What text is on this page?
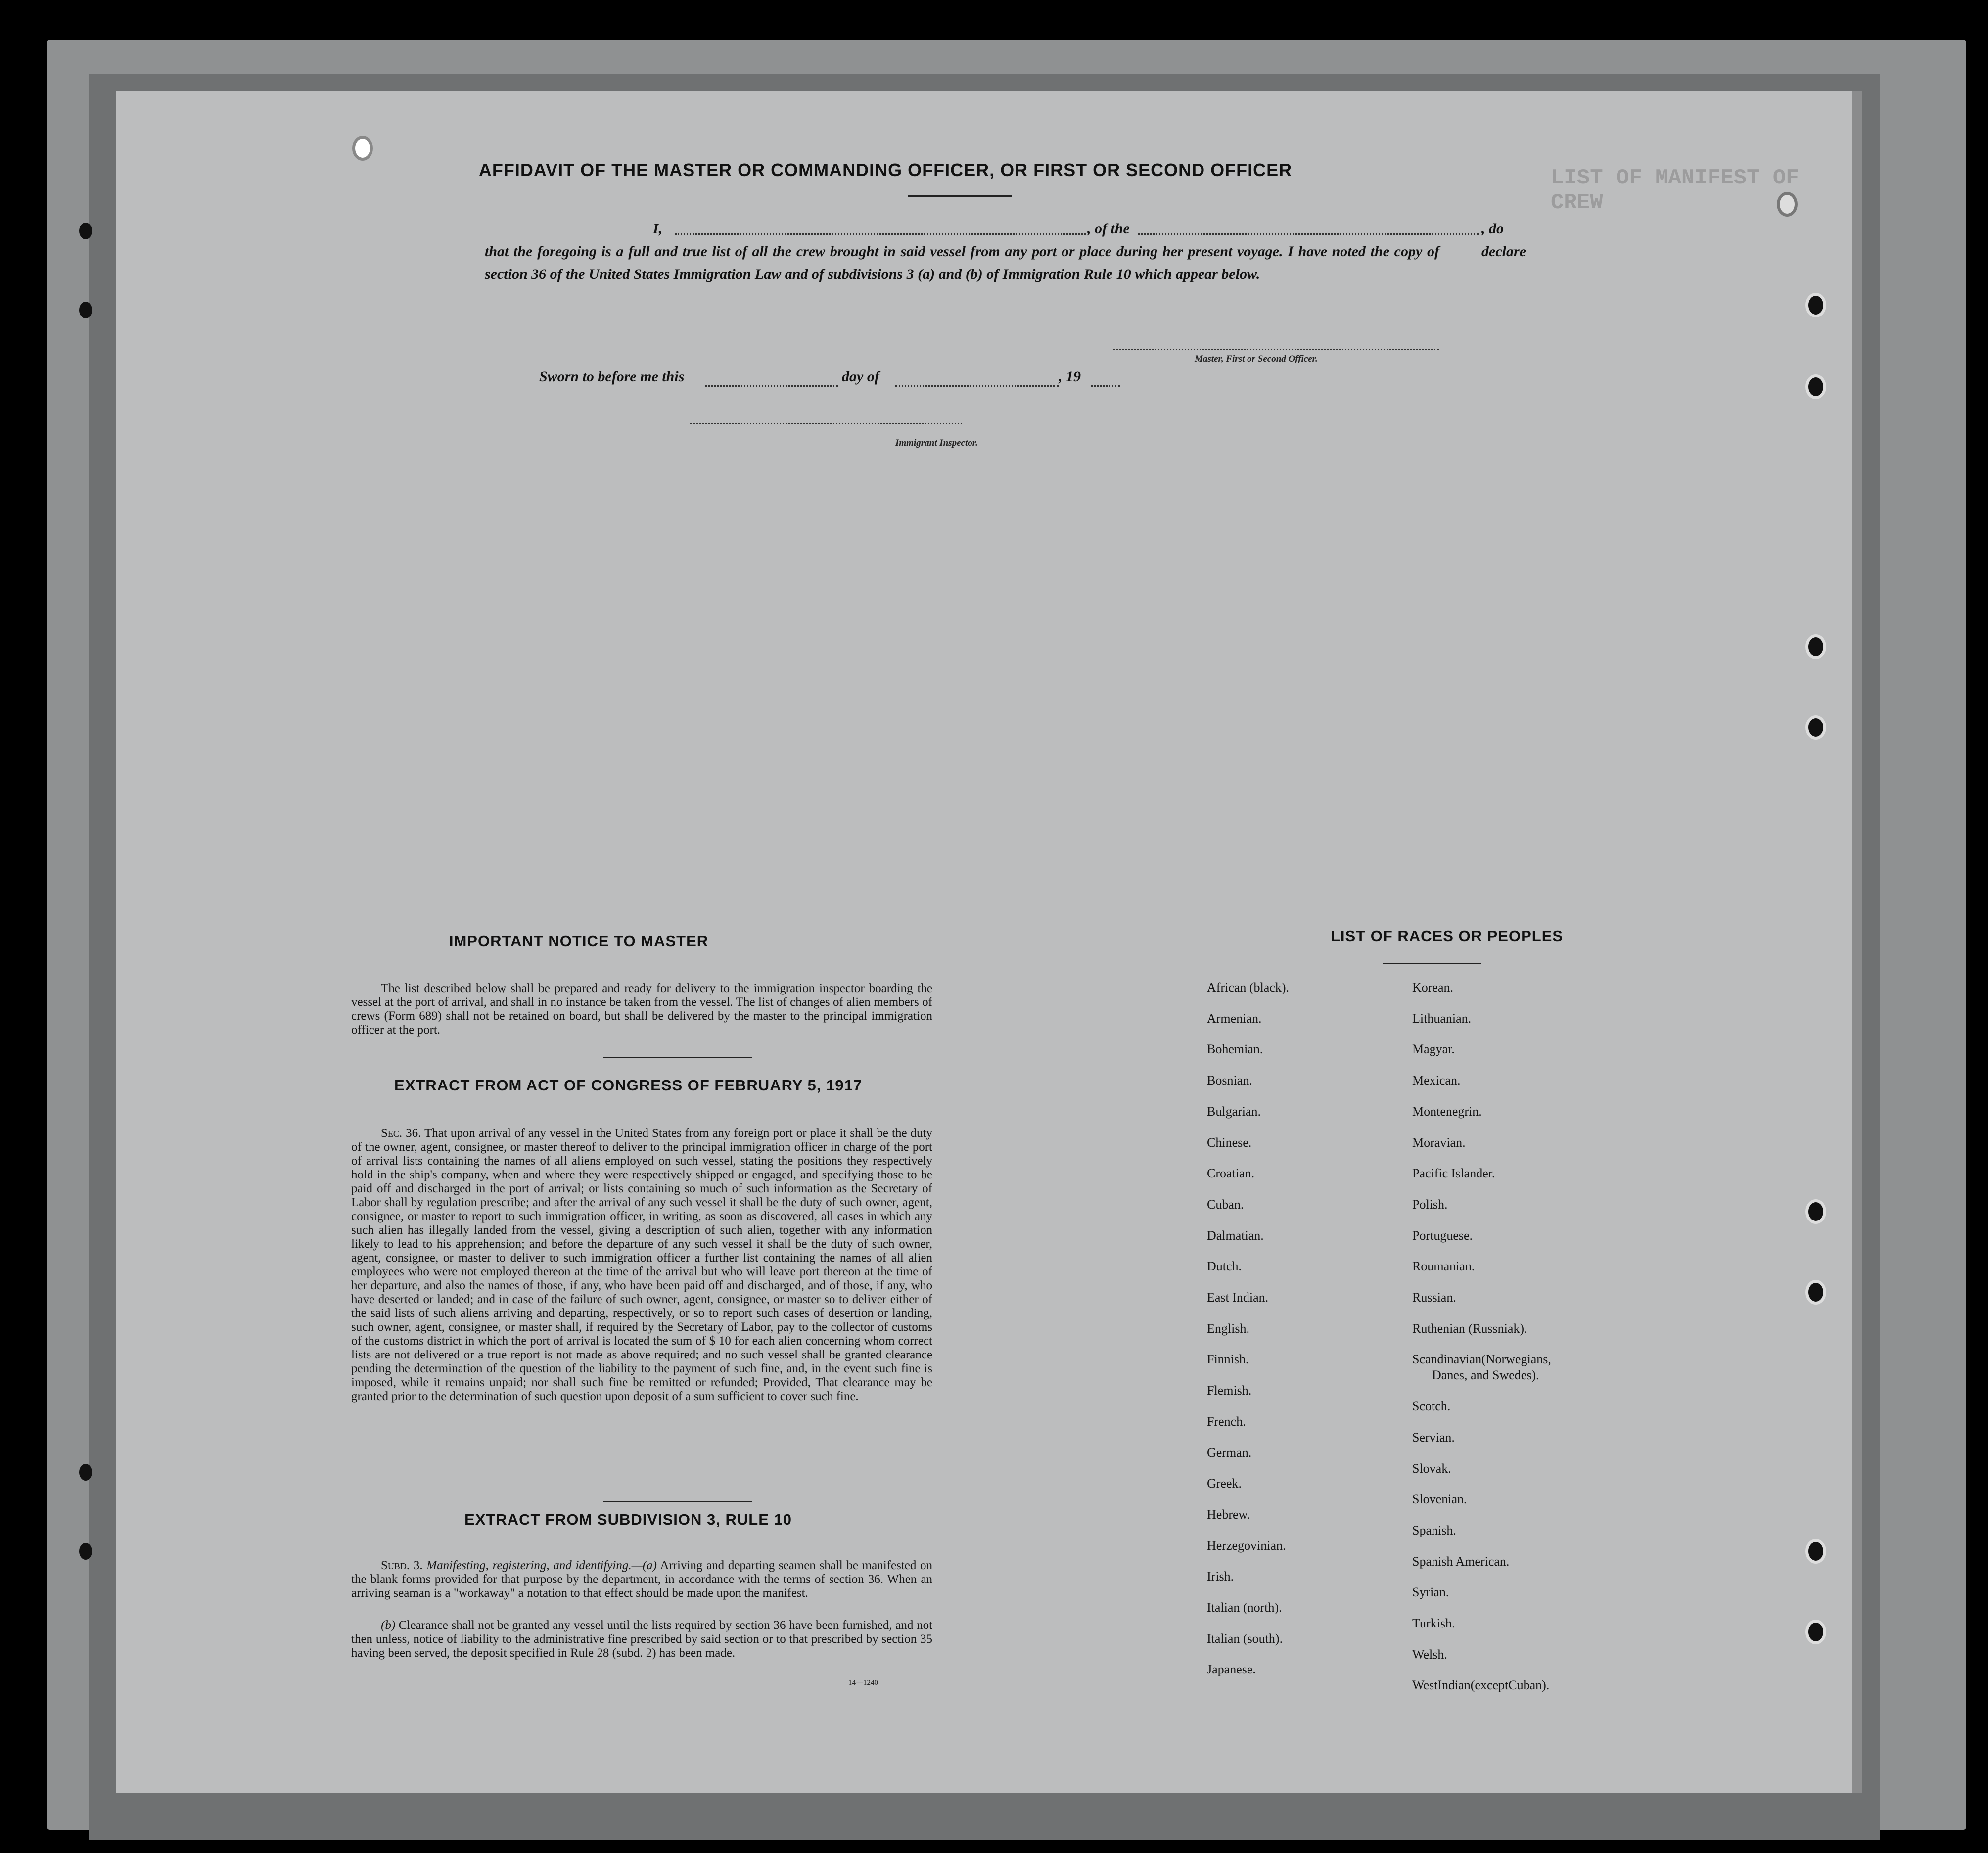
LIST OF MANIFEST OF CREW
AFFIDAVIT OF THE MASTER OR COMMANDING OFFICER, OR FIRST OR SECOND OFFICER
I,	, of the	, do declare
that the foregoing is a full and true list of all the crew brought in said vessel from any port or place during her present voyage. I have noted the copy of section 36 of the United States Immigration Law and of subdivisions 3 (a) and (b) of Immigration Rule 10 which appear below.
Master, First or Second Officer.
Sworn to before me this	day of	, 19
Immigrant Inspector.
IMPORTANT NOTICE TO MASTER
The list described below shall be prepared and ready for delivery to the immigration inspector boarding the vessel at the port of arrival, and shall in no instance be taken from the vessel. The list of changes of alien members of crews (Form 689) shall not be retained on board, but shall be delivered by the master to the principal immigration officer at the port.
EXTRACT FROM ACT OF CONGRESS OF FEBRUARY 5, 1917
Sec. 36. That upon arrival of any vessel in the United States from any foreign port or place it shall be the duty of the owner, agent, consignee, or master thereof to deliver to the principal immigration officer in charge of the port of arrival lists containing the names of all aliens employed on such vessel, stating the positions they respectively hold in the ship's company, when and where they were respectively shipped or engaged, and specifying those to be paid off and discharged in the port of arrival; or lists containing so much of such information as the Secretary of Labor shall by regulation prescribe; and after the arrival of any such vessel it shall be the duty of such owner, agent, consignee, or master to report to such immigration officer, in writing, as soon as discovered, all cases in which any such alien has illegally landed from the vessel, giving a description of such alien, together with any information likely to lead to his apprehension; and before the departure of any such vessel it shall be the duty of such owner, agent, consignee, or master to deliver to such immigration officer a further list containing the names of all alien employees who were not employed thereon at the time of the arrival but who will leave port thereon at the time of her departure, and also the names of those, if any, who have been paid off and discharged, and of those, if any, who have deserted or landed; and in case of the failure of such owner, agent, consignee, or master so to deliver either of the said lists of such aliens arriving and departing, respectively, or so to report such cases of desertion or landing, such owner, agent, consignee, or master shall, if required by the Secretary of Labor, pay to the collector of customs of the customs district in which the port of arrival is located the sum of $ 10 for each alien concerning whom correct lists are not delivered or a true report is not made as above required; and no such vessel shall be granted clearance pending the determination of the question of the liability to the payment of such fine, and, in the event such fine is imposed, while it remains unpaid; nor shall such fine be remitted or refunded; Provided, That clearance may be granted prior to the determination of such question upon deposit of a sum sufficient to cover such fine.
EXTRACT FROM SUBDIVISION 3, RULE 10
Subd. 3. Manifesting, registering, and identifying.—(a) Arriving and departing seamen shall be manifested on the blank forms provided for that purpose by the department, in accordance with the terms of section 36. When an arriving seaman is a "workaway" a notation to that effect should be made upon the manifest.
(b) Clearance shall not be granted any vessel until the lists required by section 36 have been furnished, and not then unless, notice of liability to the administrative fine prescribed by said section or to that prescribed by section 35 having been served, the deposit specified in Rule 28 (subd. 2) has been made.
14—1240
LIST OF RACES OR PEOPLES
African (black).
Armenian.
Bohemian.
Bosnian.
Bulgarian.
Chinese.
Croatian.
Cuban.
Dalmatian.
Dutch.
East Indian.
English.
Finnish.
Flemish.
French.
German.
Greek.
Hebrew.
Herzegovinian.
Irish.
Italian (north).
Italian (south).
Japanese.
Korean.
Lithuanian.
Magyar.
Mexican.
Montenegrin.
Moravian.
Pacific Islander.
Polish.
Portuguese.
Roumanian.
Russian.
Ruthenian (Russniak).
Scandinavian(Norwegians,
Danes, and Swedes).
Scotch.
Servian.
Slovak.
Slovenian.
Spanish.
Spanish American.
Syrian.
Turkish.
Welsh.
WestIndian(exceptCuban).
